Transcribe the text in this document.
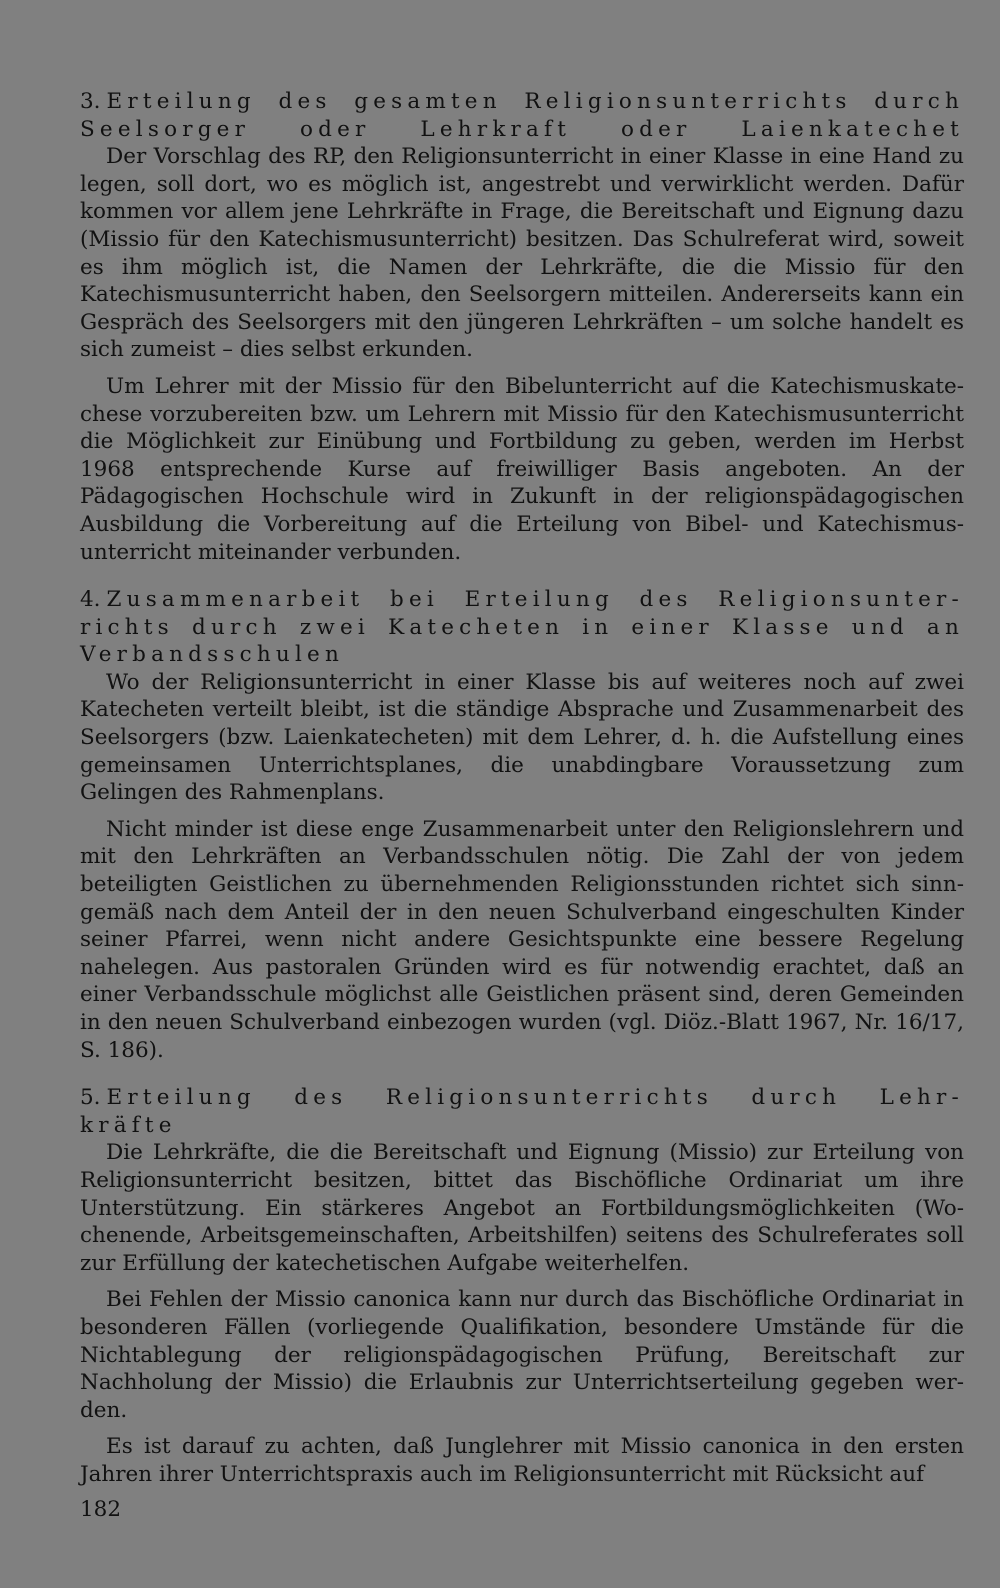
3. Erteilung des gesamten Religionsunterrichts durch
Seelsorger oder Lehrkraft oder Laienkatechet

Der Vorschlag des RP, den Religionsunterricht in einer Klasse in eine Hand zu legen, soll dort, wo es möglich ist, angestrebt und verwirklicht werden. Dafür kommen vor allem jene Lehrkräfte in Frage, die Bereitschaft und Eignung dazu (Missio für den Katechismusunterricht) besitzen. Das Schulreferat wird, soweit es ihm möglich ist, die Namen der Lehrkräfte, die die Missio für den Katechismusunterricht haben, den Seelsorgern mitteilen. Andererseits kann ein Gespräch des Seelsorgers mit den jüngeren Lehrkräften – um solche handelt es sich zumeist – dies selbst erkunden.

Um Lehrer mit der Missio für den Bibelunterricht auf die Katechismuskatechese vorzubereiten bzw. um Lehrern mit Missio für den Katechismusunterricht die Möglichkeit zur Einübung und Fortbildung zu geben, werden im Herbst 1968 entsprechende Kurse auf freiwilliger Basis angeboten. An der Pädagogischen Hochschule wird in Zukunft in der religionspädagogischen Ausbildung die Vorbereitung auf die Erteilung von Bibel- und Katechismusunterricht miteinander verbunden.

4. Zusammenarbeit bei Erteilung des Religionsunter-
richts durch zwei Katecheten in einer Klasse und an
Verbandsschulen

Wo der Religionsunterricht in einer Klasse bis auf weiteres noch auf zwei Katecheten verteilt bleibt, ist die ständige Absprache und Zusammenarbeit des Seelsorgers (bzw. Laienkatecheten) mit dem Lehrer, d. h. die Aufstellung eines gemeinsamen Unterrichtsplanes, die unabdingbare Voraussetzung zum Gelingen des Rahmenplans.

Nicht minder ist diese enge Zusammenarbeit unter den Religionslehrern und mit den Lehrkräften an Verbandsschulen nötig. Die Zahl der von jedem beteiligten Geistlichen zu übernehmenden Religionsstunden richtet sich sinngemäß nach dem Anteil der in den neuen Schulverband eingeschulten Kinder seiner Pfarrei, wenn nicht andere Gesichtspunkte eine bessere Regelung nahelegen. Aus pastoralen Gründen wird es für notwendig erachtet, daß an einer Verbandsschule möglichst alle Geistlichen präsent sind, deren Gemeinden in den neuen Schulverband einbezogen wurden (vgl. Diöz.-Blatt 1967, Nr. 16/17, S. 186).

5. Erteilung des Religionsunterrichts durch Lehr-
kräfte

Die Lehrkräfte, die die Bereitschaft und Eignung (Missio) zur Erteilung von Religionsunterricht besitzen, bittet das Bischöfliche Ordinariat um ihre Unterstützung. Ein stärkeres Angebot an Fortbildungsmöglichkeiten (Wochenende, Arbeitsgemeinschaften, Arbeitshilfen) seitens des Schulreferates soll zur Erfüllung der katechetischen Aufgabe weiterhelfen.

Bei Fehlen der Missio canonica kann nur durch das Bischöfliche Ordinariat in besonderen Fällen (vorliegende Qualifikation, besondere Umstände für die Nichtablegung der religionspädagogischen Prüfung, Bereitschaft zur Nachholung der Missio) die Erlaubnis zur Unterrichtserteilung gegeben werden.

Es ist darauf zu achten, daß Junglehrer mit Missio canonica in den ersten Jahren ihrer Unterrichtspraxis auch im Religionsunterricht mit Rücksicht auf

182
